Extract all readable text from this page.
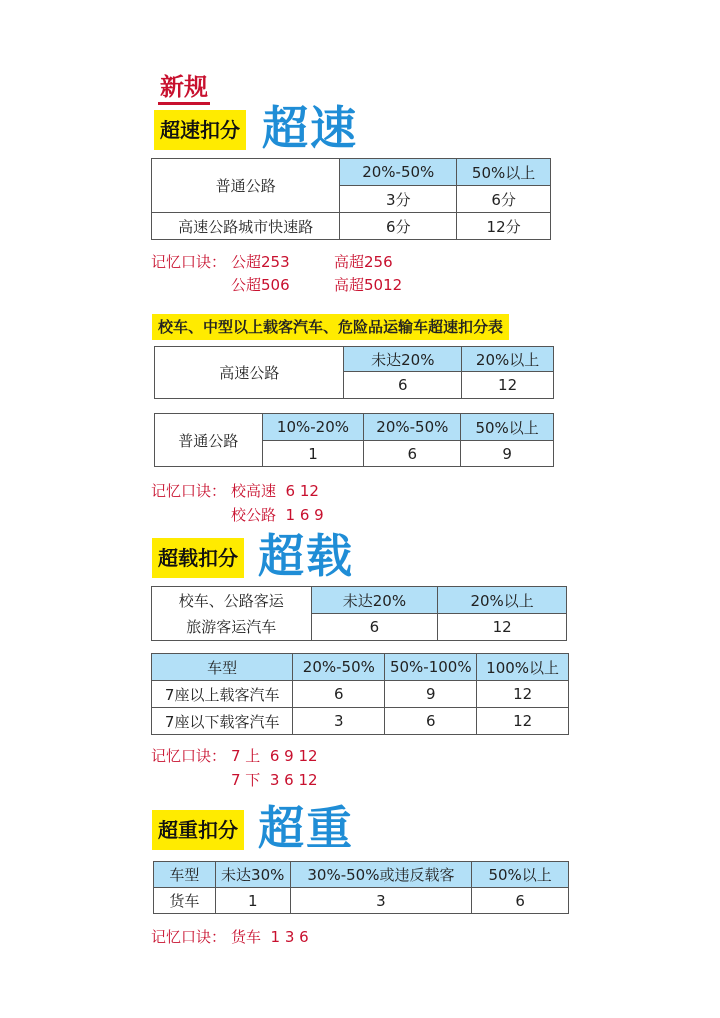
新规
超速扣分 超速
普通公路	20%-50%	50%以上
	3分	6分
高速公路城市快速路	6分	12分
记忆口诀： 公超253	高超256
公超506	高超5012
校车、中型以上载客汽车、危险品运输车超速扣分表
高速公路	未达20%	20%以上
	6	12
普通公路	10%-20%	20%-50%	50%以上
	1	6	9
记忆口诀： 校高速  6 12
校公路  1 6 9
超载扣分 超载
校车、公路客运	未达20%	20%以上
旅游客运汽车	6	12
车型	20%-50%	50%-100%	100%以上
7座以上载客汽车	6	9	12
7座以下载客汽车	3	6	12
记忆口诀： 7 上  6 9 12
7 下  3 6 12
超重扣分 超重
车型	未达30%	30%-50%或违反载客	50%以上
货车	1	3	6
记忆口诀： 货车  1 3 6
